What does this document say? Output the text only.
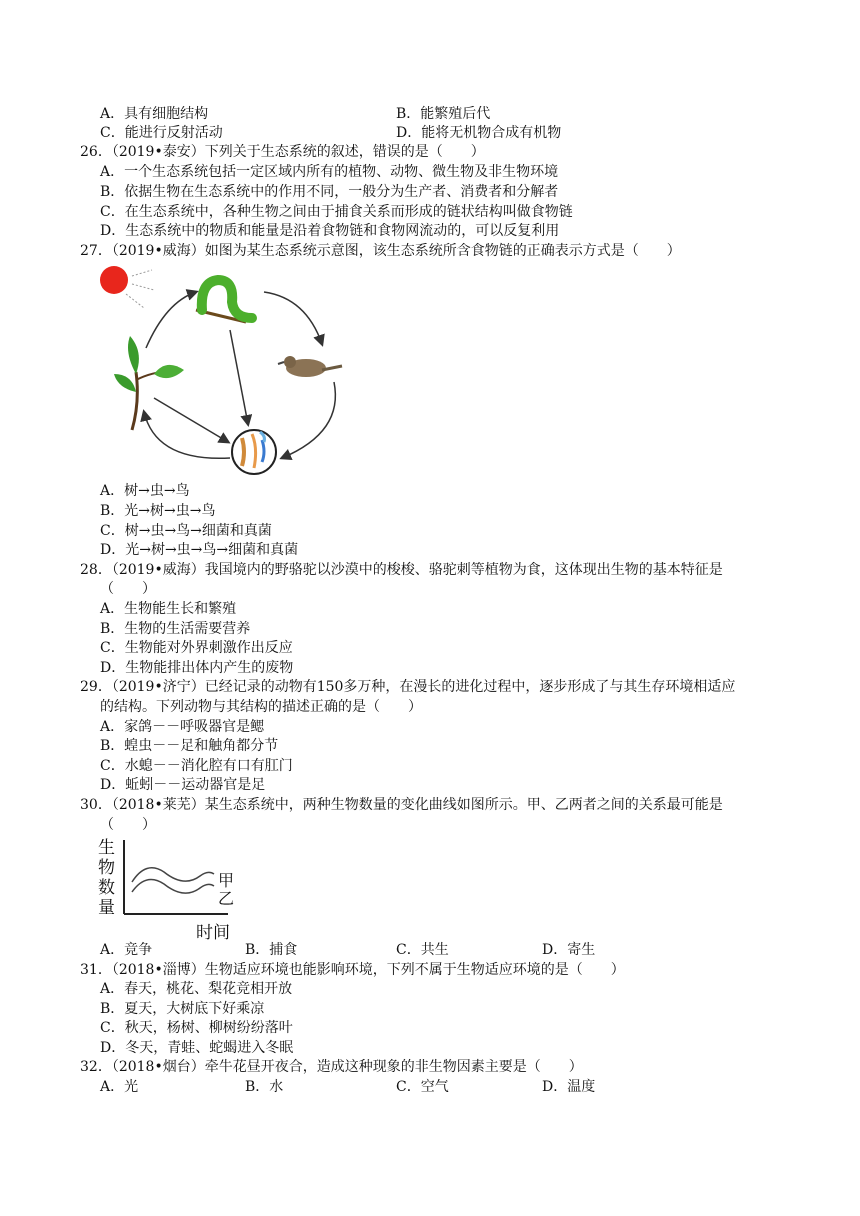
A．具有细胞结构	B．能繁殖后代
C．能进行反射活动	D．能将无机物合成有机物
26．（2019•泰安）下列关于生态系统的叙述，错误的是（　　）
A．一个生态系统包括一定区域内所有的植物、动物、微生物及非生物环境
B．依据生物在生态系统中的作用不同，一般分为生产者、消费者和分解者
C．在生态系统中，各种生物之间由于捕食关系而形成的链状结构叫做食物链
D．生态系统中的物质和能量是沿着食物链和食物网流动的，可以反复利用
27．（2019•威海）如图为某生态系统示意图，该生态系统所含食物链的正确表示方式是（　　）
A．树→虫→鸟
B．光→树→虫→鸟
C．树→虫→鸟→细菌和真菌
D．光→树→虫→鸟→细菌和真菌
28．（2019•威海）我国境内的野骆驼以沙漠中的梭梭、骆驼刺等植物为食，这体现出生物的基本特征是
（　　）
A．生物能生长和繁殖
B．生物的生活需要营养
C．生物能对外界刺激作出反应
D．生物能排出体内产生的废物
29．（2019•济宁）已经记录的动物有150多万种，在漫长的进化过程中，逐步形成了与其生存环境相适应
的结构。下列动物与其结构的描述正确的是（　　）
A．家鸽－－呼吸器官是鳃
B．蝗虫－－足和触角都分节
C．水螅－－消化腔有口有肛门
D．蚯蚓－－运动器官是足
30．（2018•莱芜）某生态系统中，两种生物数量的变化曲线如图所示。甲、乙两者之间的关系最可能是
（　　）
生
物
数
量
甲
乙
时间
A．竞争	B．捕食	C．共生	D．寄生
31．（2018•淄博）生物适应环境也能影响环境，下列不属于生物适应环境的是（　　）
A．春天，桃花、梨花竞相开放
B．夏天，大树底下好乘凉
C．秋天，杨树、柳树纷纷落叶
D．冬天，青蛙、蛇蝎进入冬眠
32．（2018•烟台）牵牛花昼开夜合，造成这种现象的非生物因素主要是（　　）
A．光	B．水	C．空气	D．温度
